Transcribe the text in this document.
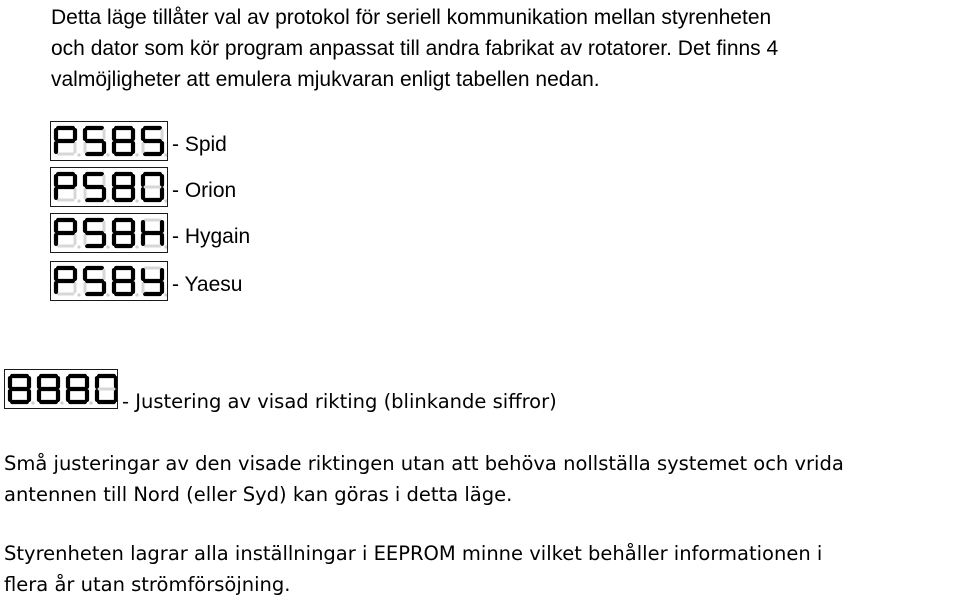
Detta läge tillåter val av protokol för seriell kommunikation mellan styrenheten
och dator som kör program anpassat till andra fabrikat av rotatorer. Det finns 4
valmöjligheter att emulera mjukvaran enligt tabellen nedan.
- Spid
- Orion
- Hygain
- Yaesu
- Justering av visad rikting (blinkande siffror)
Små justeringar av den visade riktingen utan att behöva nollställa systemet och vrida
antennen till Nord (eller Syd) kan göras i detta läge.
Styrenheten lagrar alla inställningar i EEPROM minne vilket behåller informationen i
flera år utan strömförsöjning.
